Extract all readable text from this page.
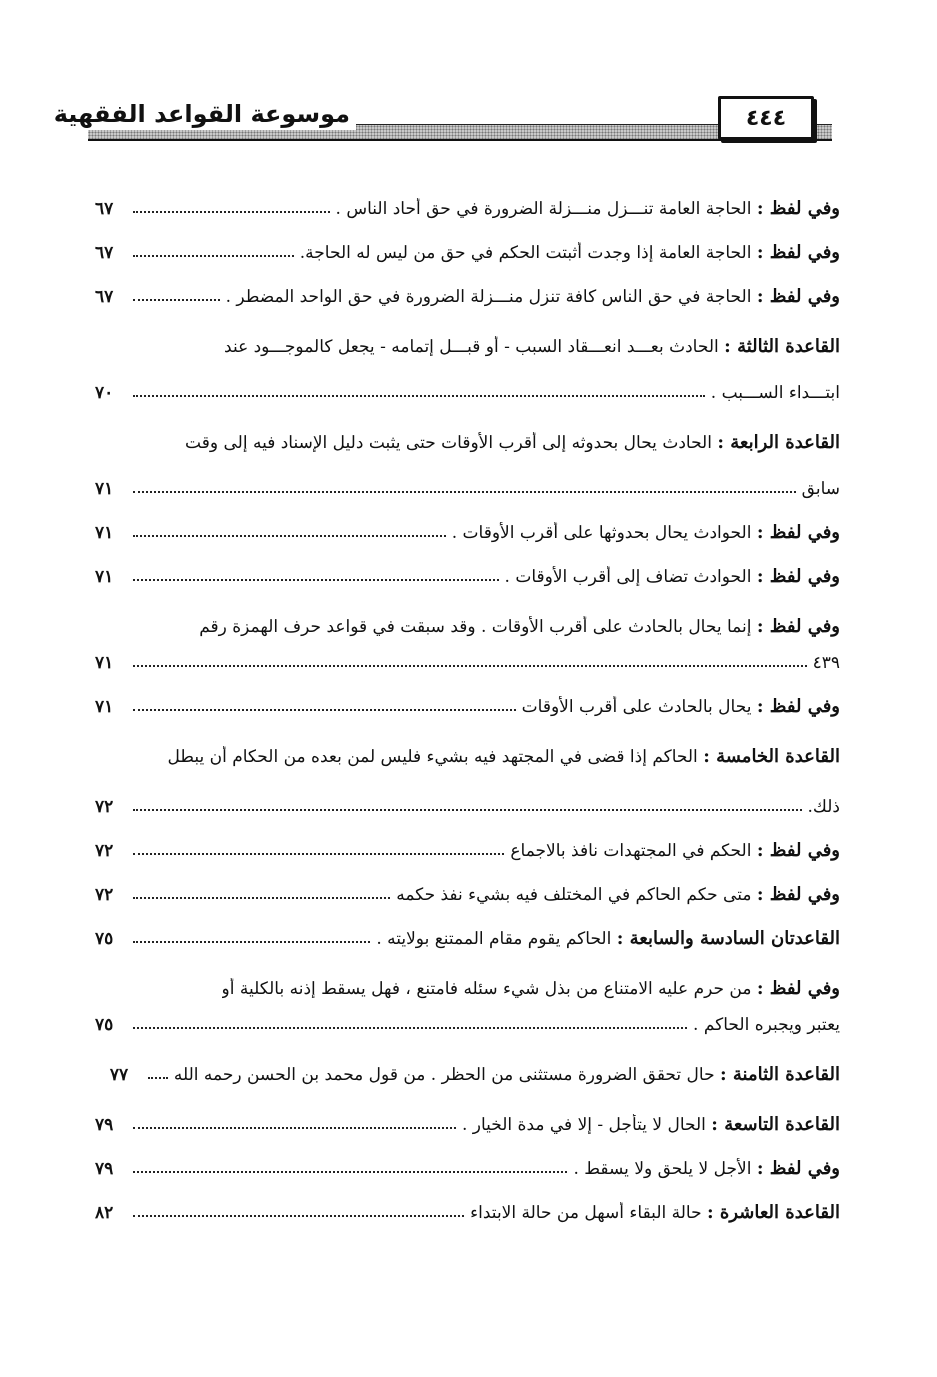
موسوعة القواعد الفقهية	٤٤٤
وفي لفظ : الحاجة العامة تنـــزل منـــزلة الضرورة في حق أحاد الناس .
٦٧
وفي لفظ : الحاجة العامة إذا وجدت أثبتت الحكم في حق من ليس له الحاجة.
٦٧
وفي لفظ : الحاجة في حق الناس كافة تنزل منـــزلة الضرورة في حق الواحد المضطر .
٦٧
القاعدة الثالثة : الحادث بعـــد انعـــقاد السبب - أو قبـــل إتمامه - يجعل كالموجـــود عند
ابتـــداء الســـبب .
٧٠
القاعدة الرابعة : الحادث يحال بحدوثه إلى أقرب الأوقات حتى يثبت دليل الإسناد فيه إلى وقت
سابق
٧١
وفي لفظ : الحوادث يحال بحدوثها على أقرب الأوقات .
٧١
وفي لفظ : الحوادث تضاف إلى أقرب الأوقات .
٧١
وفي لفظ : إنما يحال بالحادث على أقرب الأوقات . وقد سبقت في قواعد حرف الهمزة رقم
٤٣٩
٧١
وفي لفظ : يحال بالحادث على أقرب الأوقات
٧١
القاعدة الخامسة : الحاكم إذا قضى في المجتهد فيه بشيء فليس لمن بعده من الحكام أن يبطل
ذلك.
٧٢
وفي لفظ : الحكم في المجتهدات نافذ بالاجماع
٧٢
وفي لفظ : متى حكم الحاكم في المختلف فيه بشيء نفذ حكمه
٧٢
القاعدتان السادسة والسابعة : الحاكم يقوم مقام الممتنع بولايته .
٧٥
وفي لفظ : من حرم عليه الامتناع من بذل شيء سئله فامتنع ، فهل يسقط إذنه بالكلية أو
يعتبر ويجبره الحاكم .
٧٥
القاعدة الثامنة : حال تحقق الضرورة مستثنى من الحظر . من قول محمد بن الحسن رحمه الله
٧٧
القاعدة التاسعة : الحال لا يتأجل - إلا في مدة الخيار .
٧٩
وفي لفظ : الأجل لا يلحق ولا يسقط .
٧٩
القاعدة العاشرة : حالة البقاء أسهل من حالة الابتداء
٨٢
